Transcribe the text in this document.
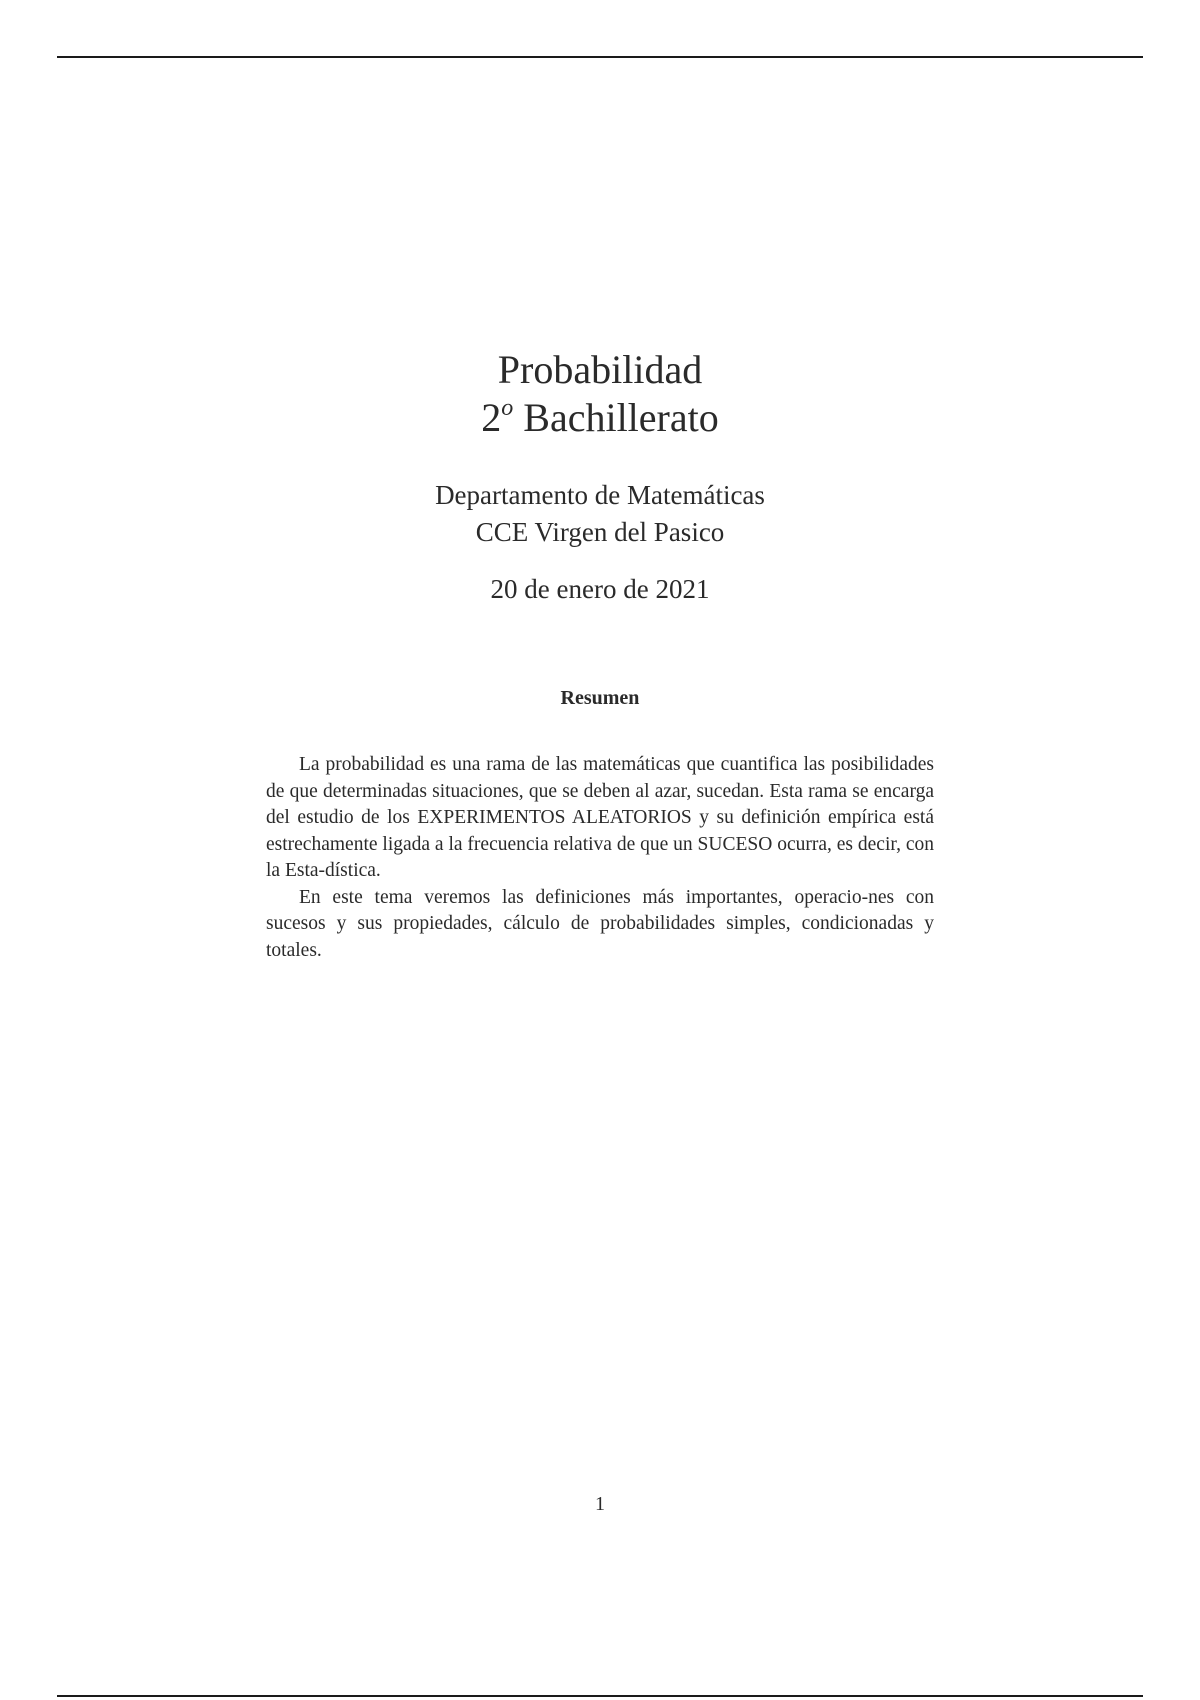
Probabilidad
2$^o$ Bachillerato
Departamento de Matemáticas
CCE Virgen del Pasico
20 de enero de 2021
Resumen

La probabilidad es una rama de las matemáticas que cuantifica las posibilidades de que determinadas situaciones, que se deben al azar, sucedan. Esta rama se encarga del estudio de los EXPERIMENTOS ALEATORIOS y su definición empírica está estrechamente ligada a la frecuencia relativa de que un SUCESO ocurra, es decir, con la Esta-dística.

En este tema veremos las definiciones más importantes, operacio-nes con sucesos y sus propiedades, cálculo de probabilidades simples, condicionadas y totales.

1
